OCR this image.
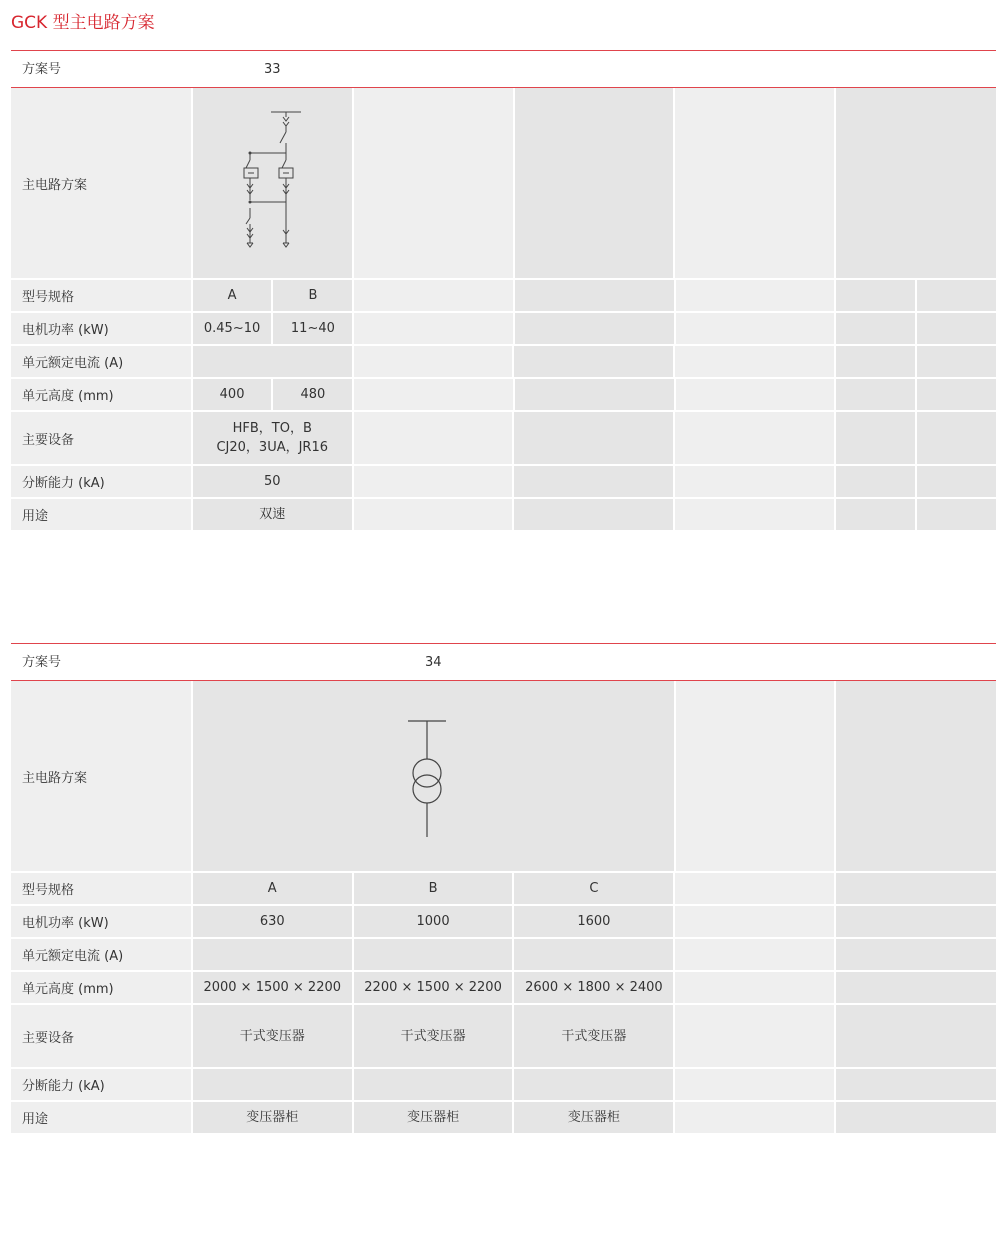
GCK 型主电路方案
方案号	33
主电路方案
型号规格	A	B
电机功率 (kW)	0.45~10	11~40
单元额定电流 (A)
单元高度 (mm)	400	480
主要设备
HFB，TO，B
CJ20，3UA，JR16
分断能力 (kA)	50
用途	双速
方案号	34
主电路方案
型号规格	A	B	C
电机功率 (kW)	630	1000	1600
单元额定电流 (A)
单元高度 (mm)	2000 × 1500 × 2200	2200 × 1500 × 2200	2600 × 1800 × 2400
主要设备	干式变压器	干式变压器	干式变压器
分断能力 (kA)
用途	变压器柜	变压器柜	变压器柜
